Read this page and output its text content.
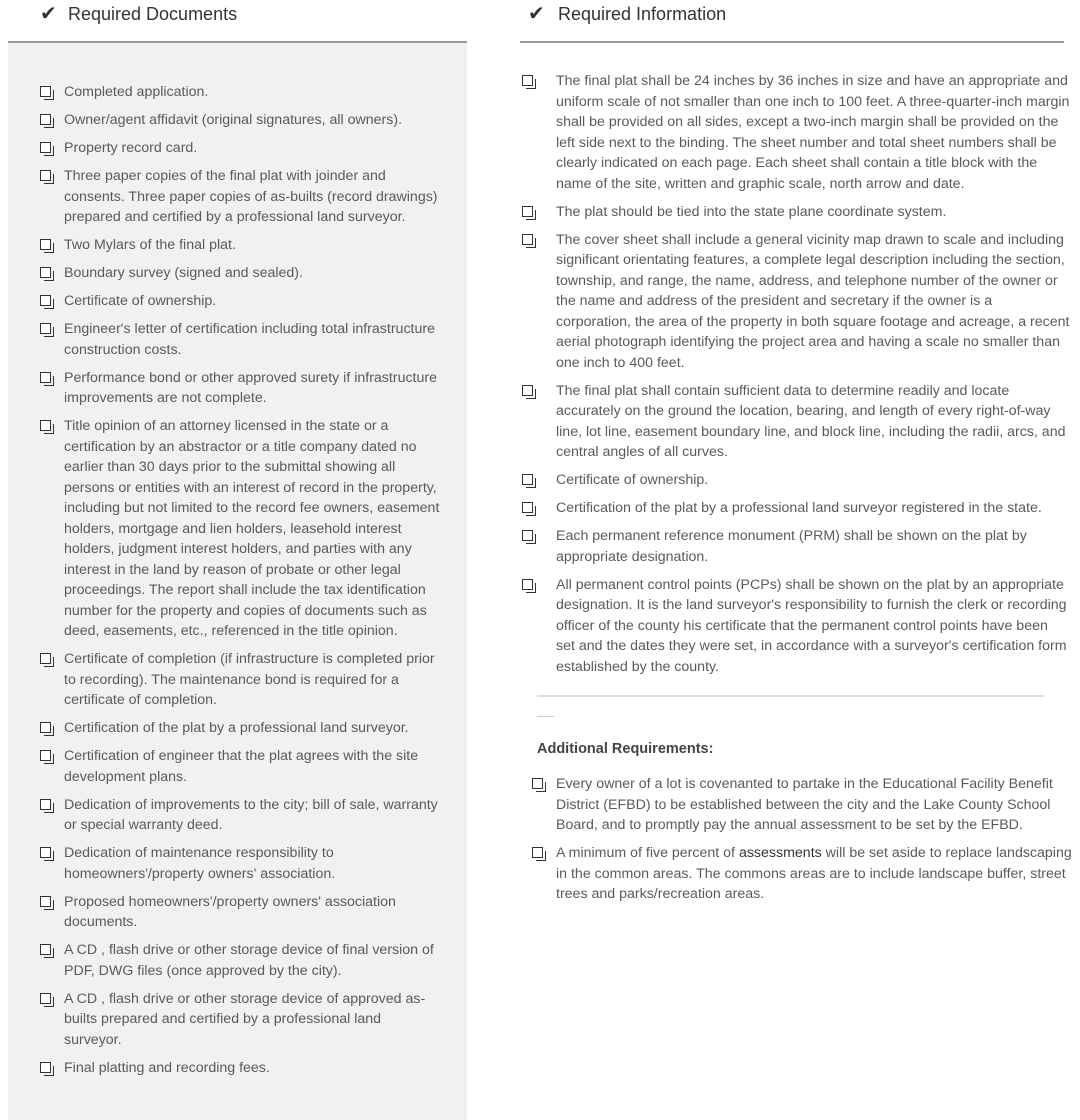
✔ Required Documents
Completed application.
Owner/agent affidavit (original signatures, all owners).
Property record card.
Three paper copies of the final plat with joinder and consents. Three paper copies of as-builts (record drawings) prepared and certified by a professional land surveyor.
Two Mylars of the final plat.
Boundary survey (signed and sealed).
Certificate of ownership.
Engineer's letter of certification including total infrastructure construction costs.
Performance bond or other approved surety if infrastructure improvements are not complete.
Title opinion of an attorney licensed in the state or a certification by an abstractor or a title company dated no earlier than 30 days prior to the submittal showing all persons or entities with an interest of record in the property, including but not limited to the record fee owners, easement holders, mortgage and lien holders, leasehold interest holders, judgment interest holders, and parties with any interest in the land by reason of probate or other legal proceedings. The report shall include the tax identification number for the property and copies of documents such as deed, easements, etc., referenced in the title opinion.
Certificate of completion (if infrastructure is completed prior to recording). The maintenance bond is required for a certificate of completion.
Certification of the plat by a professional land surveyor.
Certification of engineer that the plat agrees with the site development plans.
Dedication of improvements to the city; bill of sale, warranty or special warranty deed.
Dedication of maintenance responsibility to homeowners'/property owners' association.
Proposed homeowners'/property owners' association documents.
A CD , flash drive or other storage device of final version of PDF, DWG files (once approved by the city).
A CD , flash drive or other storage device of approved as-builts prepared and certified by a professional land surveyor.
Final platting and recording fees.
✔ Required Information
The final plat shall be 24 inches by 36 inches in size and have an appropriate and uniform scale of not smaller than one inch to 100 feet. A three-quarter-inch margin shall be provided on all sides, except a two-inch margin shall be provided on the left side next to the binding. The sheet number and total sheet numbers shall be clearly indicated on each page. Each sheet shall contain a title block with the name of the site, written and graphic scale, north arrow and date.
The plat should be tied into the state plane coordinate system.
The cover sheet shall include a general vicinity map drawn to scale and including significant orientating features, a complete legal description including the section, township, and range, the name, address, and telephone number of the owner or the name and address of the president and secretary if the owner is a corporation, the area of the property in both square footage and acreage, a recent aerial photograph identifying the project area and having a scale no smaller than one inch to 400 feet.
The final plat shall contain sufficient data to determine readily and locate accurately on the ground the location, bearing, and length of every right-of-way line, lot line, easement boundary line, and block line, including the radii, arcs, and central angles of all curves.
Certificate of ownership.
Certification of the plat by a professional land surveyor registered in the state.
Each permanent reference monument (PRM) shall be shown on the plat by appropriate designation.
All permanent control points (PCPs) shall be shown on the plat by an appropriate designation. It is the land surveyor's responsibility to furnish the clerk or recording officer of the county his certificate that the permanent control points have been set and the dates they were set, in accordance with a surveyor's certification form established by the county.
Additional Requirements:
Every owner of a lot is covenanted to partake in the Educational Facility Benefit District (EFBD) to be established between the city and the Lake County School Board, and to promptly pay the annual assessment to be set by the EFBD.
A minimum of five percent of assessments will be set aside to replace landscaping in the common areas. The commons areas are to include landscape buffer, street trees and parks/recreation areas.
